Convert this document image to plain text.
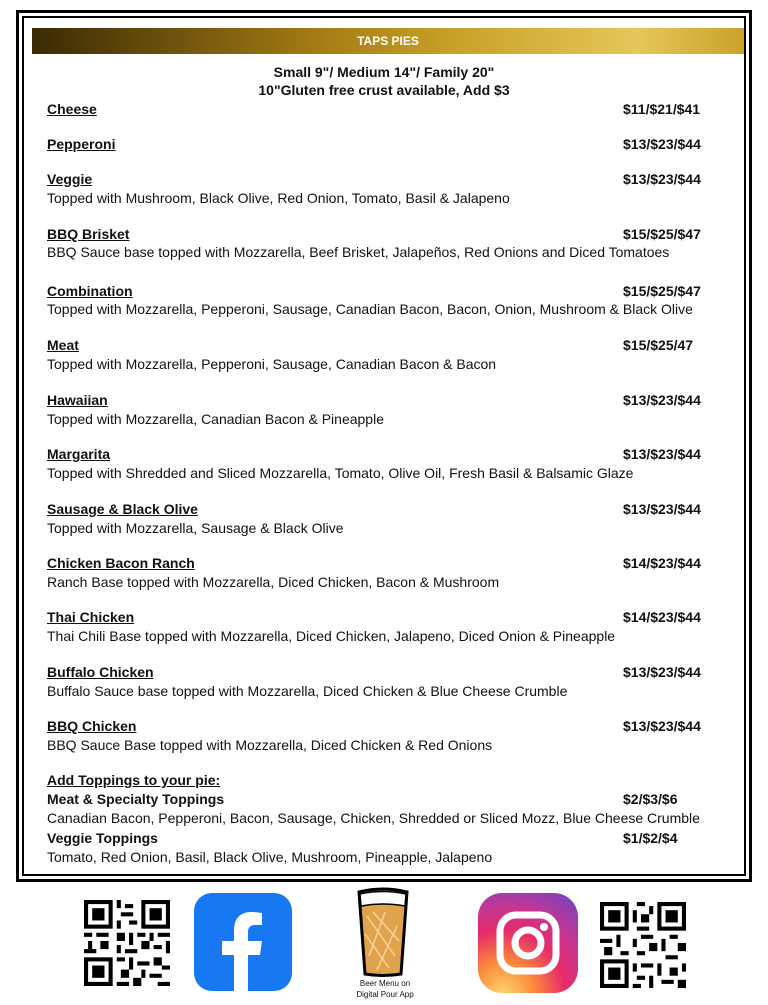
TAPS PIES
Small 9"/ Medium 14"/ Family 20"
10"Gluten free crust available, Add $3
Cheese	$11/$21/$41
Pepperoni	$13/$23/$44
Veggie	$13/$23/$44
Topped with Mushroom, Black Olive, Red Onion, Tomato, Basil & Jalapeno
BBQ Brisket	$15/$25/$47
BBQ Sauce base topped with Mozzarella, Beef Brisket, Jalapeños, Red Onions and Diced Tomatoes
Combination	$15/$25/$47
Topped with Mozzarella, Pepperoni, Sausage, Canadian Bacon, Bacon, Onion, Mushroom & Black Olive
Meat	$15/$25/47
Topped with Mozzarella, Pepperoni, Sausage, Canadian Bacon & Bacon
Hawaiian	$13/$23/$44
Topped with Mozzarella, Canadian Bacon & Pineapple
Margarita	$13/$23/$44
Topped with Shredded and Sliced Mozzarella, Tomato, Olive Oil, Fresh Basil & Balsamic Glaze
Sausage & Black Olive	$13/$23/$44
Topped with Mozzarella, Sausage & Black Olive
Chicken Bacon Ranch	$14/$23/$44
Ranch Base topped with Mozzarella, Diced Chicken, Bacon & Mushroom
Thai Chicken	$14/$23/$44
Thai Chili Base topped with Mozzarella, Diced Chicken, Jalapeno, Diced Onion & Pineapple
Buffalo Chicken	$13/$23/$44
Buffalo Sauce base topped with Mozzarella, Diced Chicken & Blue Cheese Crumble
BBQ Chicken	$13/$23/$44
BBQ Sauce Base topped with Mozzarella, Diced Chicken & Red Onions
Add Toppings to your pie:
Meat & Specialty Toppings	$2/$3/$6
Canadian Bacon, Pepperoni, Bacon, Sausage, Chicken, Shredded or Sliced Mozz, Blue Cheese Crumble
Veggie Toppings	$1/$2/$4
Tomato, Red Onion, Basil, Black Olive, Mushroom, Pineapple, Jalapeno
Beer Menu on
Digital Pour App
